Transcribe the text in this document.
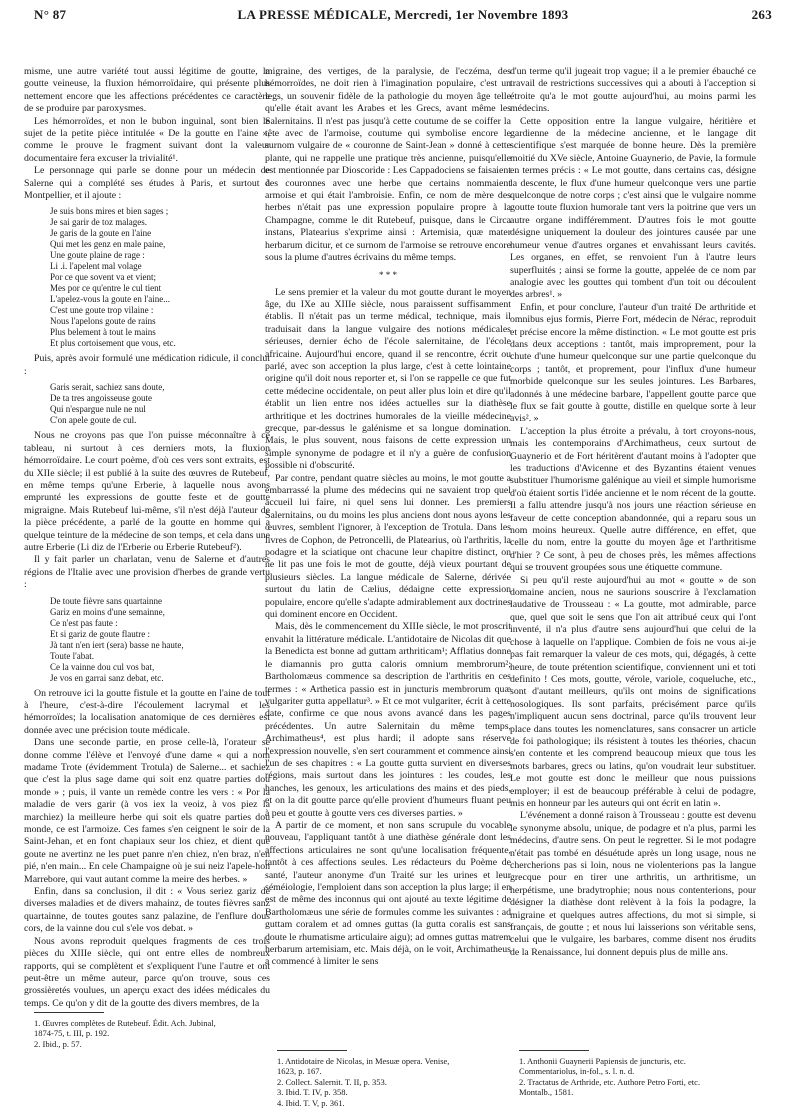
N° 87	LA PRESSE MÉDICALE, Mercredi, 1er Novembre 1893	263

misme, une autre variété tout aussi légitime de goutte, la goutte veineuse, la fluxion hémorroïdaire, qui présente plus nettement encore que les affections précédentes ce caractère de se produire par paroxysmes.

Les hémorroïdes, et non le bubon inguinal, sont bien le sujet de la petite pièce intitulée « De la goutte en l'aine », comme le prouve le fragment suivant dont la valeur documentaire fera excuser la trivialité¹.

Le personnage qui parle se donne pour un médecin de Salerne qui a complété ses études à Paris, et surtout à Montpellier, et il ajoute :

Je suis bons mires et bien sages ;
Je sai garir de toz malages.
Je garis de la goute en l'aine
Qui met les genz en male paine,
Une goute plaine de rage :
Li .i. l'apelent mal volage
Por ce que sovent va et vient;
Mes por ce qu'entre le cul tient
L'apelez-vous la goute en l'aine...
C'est une goute trop vilaine :
Nous l'apelons goute de rains
Plus belement à tout le mains
Et plus cortoisement que vous, etc.

Puis, après avoir formulé une médication ridicule, il conclut :

Garis serait, sachiez sans doute,
De ta tres angoisseuse goute
Qui n'espargue nule ne nul
C'on apele goute de cul.

Nous ne croyons pas que l'on puisse méconnaître à ce tableau, ni surtout à ces derniers mots, la fluxion hémorroïdaire. Le court poème, d'où ces vers sont extraits, est du XIIe siècle; il est publié à la suite des œuvres de Rutebeuf, en même temps qu'une Erberie, à laquelle nous avons emprunté les expressions de goutte feste et de goutte migraigne. Mais Rutebeuf lui-même, s'il n'est déjà l'auteur de la pièce précédente, a parlé de la goutte en homme qui a quelque teinture de la médecine de son temps, et cela dans une autre Erberie (Li diz de l'Erberie ou Erberie Rutebeuf²).

Il y fait parler un charlatan, venu de Salerne et d'autres régions de l'Italie avec une provision d'herbes de grande vertu :

De toute fièvre sans quartainne
Gariz en moins d'une semainne,
Ce n'est pas faute :
Et si gariz de goute flautre :
Jà tant n'en iert (sera) basse ne haute,
Toute l'abat.
Ce la vainne dou cul vos bat,
Je vos en garrai sanz debat, etc.

On retrouve ici la goutte fistule et la goutte en l'aine de tout à l'heure, c'est-à-dire l'écoulement lacrymal et les hémorroïdes; la localisation anatomique de ces dernières est donnée avec une précision toute médicale.

Dans une seconde partie, en prose celle-là, l'orateur se donne comme l'élève et l'envoyé d'une dame « qui a nom madame Trote (évidemment Trotula) de Salerne... et sachiez que c'est la plus sage dame qui soit enz quatre parties dou monde » ; puis, il vante un remède contre les vers : « Por la maladie de vers garir (à vos iex la veoiz, à vos piez la marchiez) la meilleure herbe qui soit els quatre parties dou monde, ce est l'armoize. Ces fames s'en ceignent le soir de la Saint-Jehan, et en font chapiaux seur los chiez, et dient que goute ne avertinz ne les puet panre n'en chiez, n'en braz, n'en pié, n'en main... En cele Champaigne où je sui neiz l'apele-hon Marrebore, qui vaut autant comme la meire des herbes. »

Enfin, dans sa conclusion, il dit : « Vous seriez gariz de diverses maladies et de divers mahainz, de toutes fièvres sanz quartainne, de toutes goutes sanz palazine, de l'enflure dous cors, de la vainne dou cul s'ele vos debat. »

Nous avons reproduit quelques fragments de ces trois pièces du XIIIe siècle, qui ont entre elles de nombreux rapports, qui se complètent et s'expliquent l'une l'autre et ont peut-être un même auteur, parce qu'on trouve, sous ces grossièretés voulues, un aperçu exact des idées médicales du temps. Ce qu'on y dit de la goutte des divers membres, de la

migraine, des vertiges, de la paralysie, de l'eczéma, des hémorroïdes, ne doit rien à l'imagination populaire, c'est un legs, un souvenir fidèle de la pathologie du moyen âge telle qu'elle était avant les Arabes et les Grecs, avant même les Salernitains. Il n'est pas jusqu'à cette coutume de se coiffer la tête avec de l'armoise, coutume qui symbolise encore le surnom vulgaire de « couronne de Saint-Jean » donné à cette plante, qui ne rappelle une pratique très ancienne, puisqu'elle est mentionnée par Dioscoride : Les Cappadociens se faisaient des couronnes avec une herbe que certains nommaient armoise et qui était l'ambroisie. Enfin, ce nom de mère des herbes n'était pas une expression populaire propre à la Champagne, comme le dit Rutebeuf, puisque, dans le Circa instans, Platearius s'exprime ainsi : Artemisia, quæ mater herbarum dicitur, et ce surnom de l'armoise se retrouve encore sous la plume d'autres écrivains du même temps.

* * *

Le sens premier et la valeur du mot goutte durant le moyen âge, du IXe au XIIIe siècle, nous paraissent suffisamment établis. Il n'était pas un terme médical, technique, mais il traduisait dans la langue vulgaire des notions médicales sérieuses, dernier écho de l'école salernitaine, de l'école africaine. Aujourd'hui encore, quand il se rencontre, écrit ou parlé, avec son acception la plus large, c'est à cette lointaine origine qu'il doit nous reporter et, si l'on se rappelle ce que fut cette médecine occidentale, on peut aller plus loin et dire qu'il établit un lien entre nos idées actuelles sur la diathèse arthritique et les doctrines humorales de la vieille médecine grecque, par-dessus le galénisme et sa longue domination. Mais, le plus souvent, nous faisons de cette expression un simple synonyme de podagre et il n'y a guère de confusion possible ni d'obscurité.

Par contre, pendant quatre siècles au moins, le mot goutte a embarrassé la plume des médecins qui ne savaient trop quel accueil lui faire, ni quel sens lui donner. Les premiers Salernitains, ou du moins les plus anciens dont nous ayons les œuvres, semblent l'ignorer, à l'exception de Trotula. Dans les livres de Cophon, de Petroncelli, de Platearius, où l'arthritis, la podagre et la sciatique ont chacune leur chapitre distinct, on ne lit pas une fois le mot de goutte, déjà vieux pourtant de plusieurs siècles. La langue médicale de Salerne, dérivée surtout du latin de Cælius, dédaigne cette expression populaire, encore qu'elle s'adapte admirablement aux doctrines qui dominent encore en Occident.

Mais, dès le commencement du XIIIe siècle, le mot proscrit envahit la littérature médicale. L'antidotaire de Nicolas dit que la Benedicta est bonne ad guttam arthriticam¹; Afflatius donne le diamannis pro gutta caloris omnium membrorum²; Bartholomæus commence sa description de l'arthritis en ces termes : « Arthetica passio est in juncturis membrorum quæ vulgariter gutta appellatur³. » Et ce mot vulgariter, écrit à cette date, confirme ce que nous avons avancé dans les pages précédentes. Un autre Salernitain du même temps, Archimatheus⁴, est plus hardi; il adopte sans réserve l'expression nouvelle, s'en sert couramment et commence ainsi l'un de ses chapitres : « La goutte gutta survient en diverses régions, mais surtout dans les jointures : les coudes, les hanches, les genoux, les articulations des mains et des pieds, et on la dit goutte parce qu'elle provient d'humeurs fluant peu à peu et goutte à goutte vers ces diverses parties. »

A partir de ce moment, et non sans scrupule du vocable nouveau, l'appliquant tantôt à une diathèse générale dont les affections articulaires ne sont qu'une localisation fréquente, tantôt à ces affections seules. Les rédacteurs du Poème de santé, l'auteur anonyme d'un Traité sur les urines et leur séméiologie, l'emploient dans son acception la plus large; il en est de même des inconnus qui ont ajouté au texte légitime de Bartholomæus une série de formules comme les suivantes : ad guttam coralem et ad omnes guttas (la gutta coralis est sans doute le rhumatisme articulaire aigu); ad omnes guttas matrem herbarum artemisiam, etc. Mais déjà, on le voit, Archimatheus a commencé à limiter le sens

d'un terme qu'il jugeait trop vague; il a le premier ébauché ce travail de restrictions successives qui a abouti à l'acception si étroite qu'a le mot goutte aujourd'hui, au moins parmi les médecins.

Cette opposition entre la langue vulgaire, héritière et gardienne de la médecine ancienne, et le langage dit scientifique s'est marquée de bonne heure. Dès la première moitié du XVe siècle, Antoine Guaynerio, de Pavie, la formule en termes précis : « Le mot goutte, dans certains cas, désigne la descente, le flux d'une humeur quelconque vers une partie quelconque de notre corps ; c'est ainsi que le vulgaire nomme goutte toute fluxion humorale tant vers la poitrine que vers un autre organe indifféremment. D'autres fois le mot goutte désigne uniquement la douleur des jointures causée par une humeur venue d'autres organes et envahissant leurs cavités. Les organes, en effet, se renvoient l'un à l'autre leurs superfluités ; ainsi se forme la goutte, appelée de ce nom par analogie avec les gouttes qui tombent d'un toit ou découlent des arbres¹. »

Enfin, et pour conclure, l'auteur d'un traité De arthritide et omnibus ejus formis, Pierre Fort, médecin de Nérac, reproduit et précise encore la même distinction. « Le mot goutte est pris dans deux acceptions : tantôt, mais improprement, pour la chute d'une humeur quelconque sur une partie quelconque du corps ; tantôt, et proprement, pour l'influx d'une humeur morbide quelconque sur les seules jointures. Les Barbares, adonnés à une médecine barbare, l'appellent goutte parce que le flux se fait goutte à goutte, distille en quelque sorte à leur avis². »

L'acception la plus étroite a prévalu, à tort croyons-nous, mais les contemporains d'Archimatheus, ceux surtout de Guaynerio et de Fort héritèrent d'autant moins à l'adopter que les traductions d'Avicenne et des Byzantins étaient venues substituer l'humorisme galénique au vieil et simple humorisme d'où étaient sortis l'idée ancienne et le nom récent de la goutte. Il a fallu attendre jusqu'à nos jours une réaction sérieuse en faveur de cette conception abandonnée, qui a reparu sous un nom moins heureux. Quelle autre différence, en effet, que celle du nom, entre la goutte du moyen âge et l'arthritisme d'hier ? Ce sont, à peu de choses près, les mêmes affections qui se trouvent groupées sous une étiquette commune.

Si peu qu'il reste aujourd'hui au mot « goutte » de son domaine ancien, nous ne saurions souscrire à l'exclamation laudative de Trousseau : « La goutte, mot admirable, parce que, quel que soit le sens que l'on ait attribué ceux qui l'ont inventé, il n'a plus d'autre sens aujourd'hui que celui de la chose à laquelle on l'applique. Combien de fois ne vous ai-je pas fait remarquer la valeur de ces mots, qui, dégagés, à cette heure, de toute prétention scientifique, conviennent uni et toti definito ! Ces mots, goutte, vérole, variole, coqueluche, etc., sont d'autant meilleurs, qu'ils ont moins de significations nosologiques. Ils sont parfaits, précisément parce qu'ils n'impliquent aucun sens doctrinal, parce qu'ils trouvent leur place dans toutes les nomenclatures, sans consacrer un article de foi pathologique; ils résistent à toutes les théories, chacun s'en contente et les comprend beaucoup mieux que tous les mots barbares, grecs ou latins, qu'on voudrait leur substituer. Le mot goutte est donc le meilleur que nous puissions employer; il est de beaucoup préférable à celui de podagre, mis en honneur par les auteurs qui ont écrit en latin ».

L'événement a donné raison à Trousseau : goutte est devenu le synonyme absolu, unique, de podagre et n'a plus, parmi les médecins, d'autre sens. On peut le regretter. Si le mot podagre n'était pas tombé en désuétude après un long usage, nous ne chercherions pas si loin, nous ne violenterions pas la langue grecque pour en tirer une arthritis, un arthritisme, un herpétisme, une bradytrophie; nous nous contenterions, pour désigner la diathèse dont relèvent à la fois la podagre, la migraine et quelques autres affections, du mot si simple, si français, de goutte ; et nous lui laisserions son véritable sens, celui que le vulgaire, les barbares, comme disent nos érudits de la Renaissance, lui donnent depuis plus de mille ans.

1. Œuvres complètes de Rutebeuf. Édit. Ach. Jubinal,
1874-75, t. III, p. 192.
2. Ibid., p. 57.
1. Antidotaire de Nicolas, in Mesuæ opera. Venise,
1623, p. 167.
2. Collect. Salernit. T. II, p. 353.
3. Ibid. T. IV, p. 358.
4. Ibid. T. V, p. 361.
1. Anthonii Guaynerii Papiensis de juncturis, etc.
Commentariolus, in-fol., s. l. n. d.
2. Tractatus de Arthride, etc. Authore Petro Forti, etc.
Montalb., 1581.
